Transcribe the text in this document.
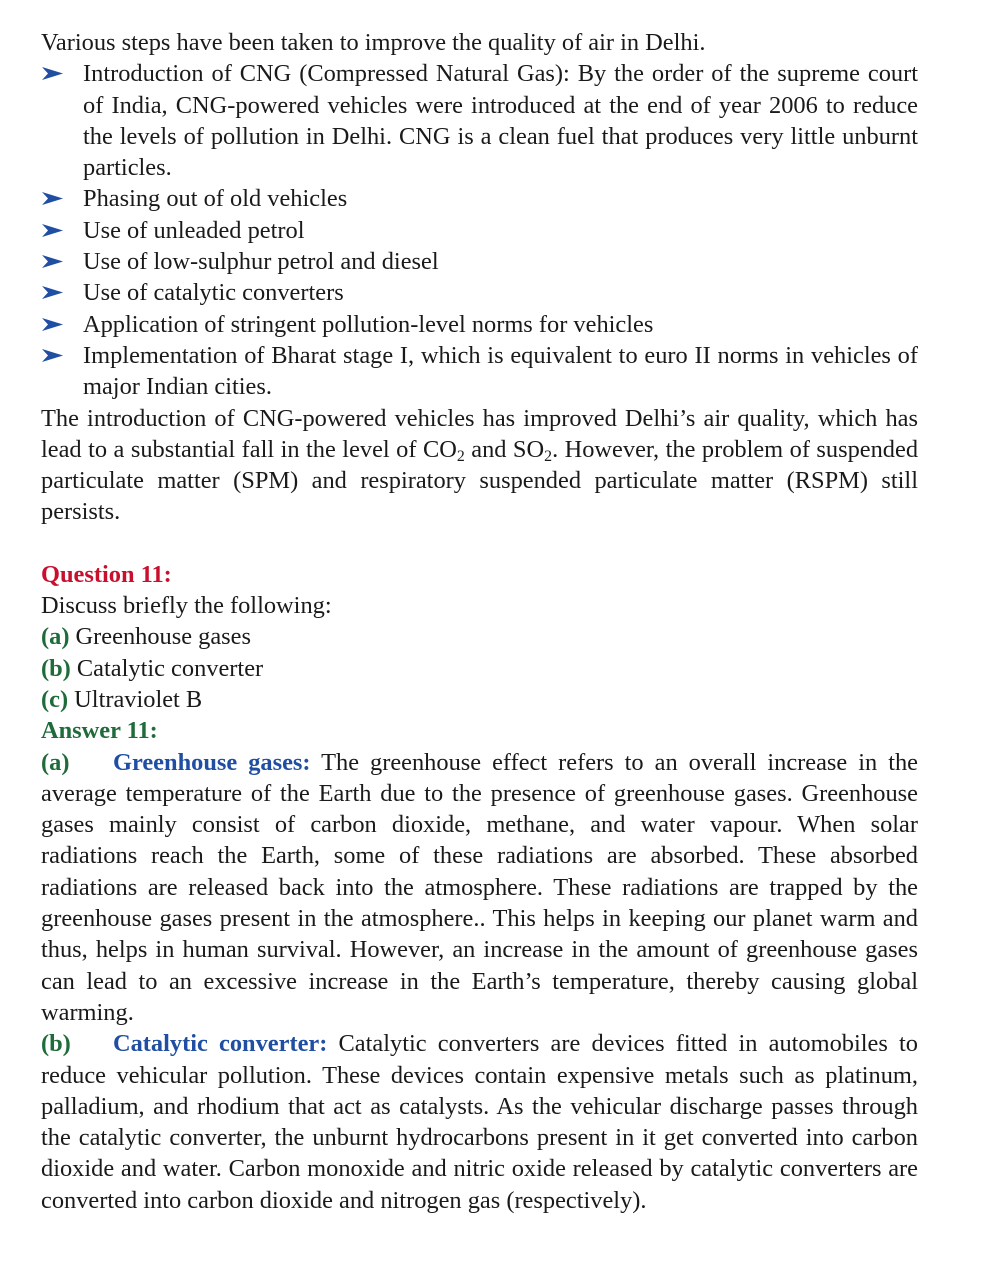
Various steps have been taken to improve the quality of air in Delhi.

Introduction of CNG (Compressed Natural Gas): By the order of the supreme court of India, CNG-powered vehicles were introduced at the end of year 2006 to reduce the levels of pollution in Delhi. CNG is a clean fuel that produces very little unburnt particles.
Phasing out of old vehicles
Use of unleaded petrol
Use of low-sulphur petrol and diesel
Use of catalytic converters
Application of stringent pollution-level norms for vehicles
Implementation of Bharat stage I, which is equivalent to euro II norms in vehicles of major Indian cities.

The introduction of CNG-powered vehicles has improved Delhi’s air quality, which has lead to a substantial fall in the level of $CO_2$ and $SO_2$. However, the problem of suspended particulate matter (SPM) and respiratory suspended particulate matter (RSPM) still persists.

Question 11:

Discuss briefly the following:

(a) Greenhouse gases

(b) Catalytic converter

(c) Ultraviolet B

Answer 11:

(a) Greenhouse gases: The greenhouse effect refers to an overall increase in the average temperature of the Earth due to the presence of greenhouse gases. Greenhouse gases mainly consist of carbon dioxide, methane, and water vapour. When solar radiations reach the Earth, some of these radiations are absorbed. These absorbed radiations are released back into the atmosphere. These radiations are trapped by the greenhouse gases present in the atmosphere.. This helps in keeping our planet warm and thus, helps in human survival. However, an increase in the amount of greenhouse gases can lead to an excessive increase in the Earth’s temperature, thereby causing global warming.

(b) Catalytic converter: Catalytic converters are devices fitted in automobiles to reduce vehicular pollution. These devices contain expensive metals such as platinum, palladium, and rhodium that act as catalysts. As the vehicular discharge passes through the catalytic converter, the unburnt hydrocarbons present in it get converted into carbon dioxide and water. Carbon monoxide and nitric oxide released by catalytic converters are converted into carbon dioxide and nitrogen gas (respectively).
